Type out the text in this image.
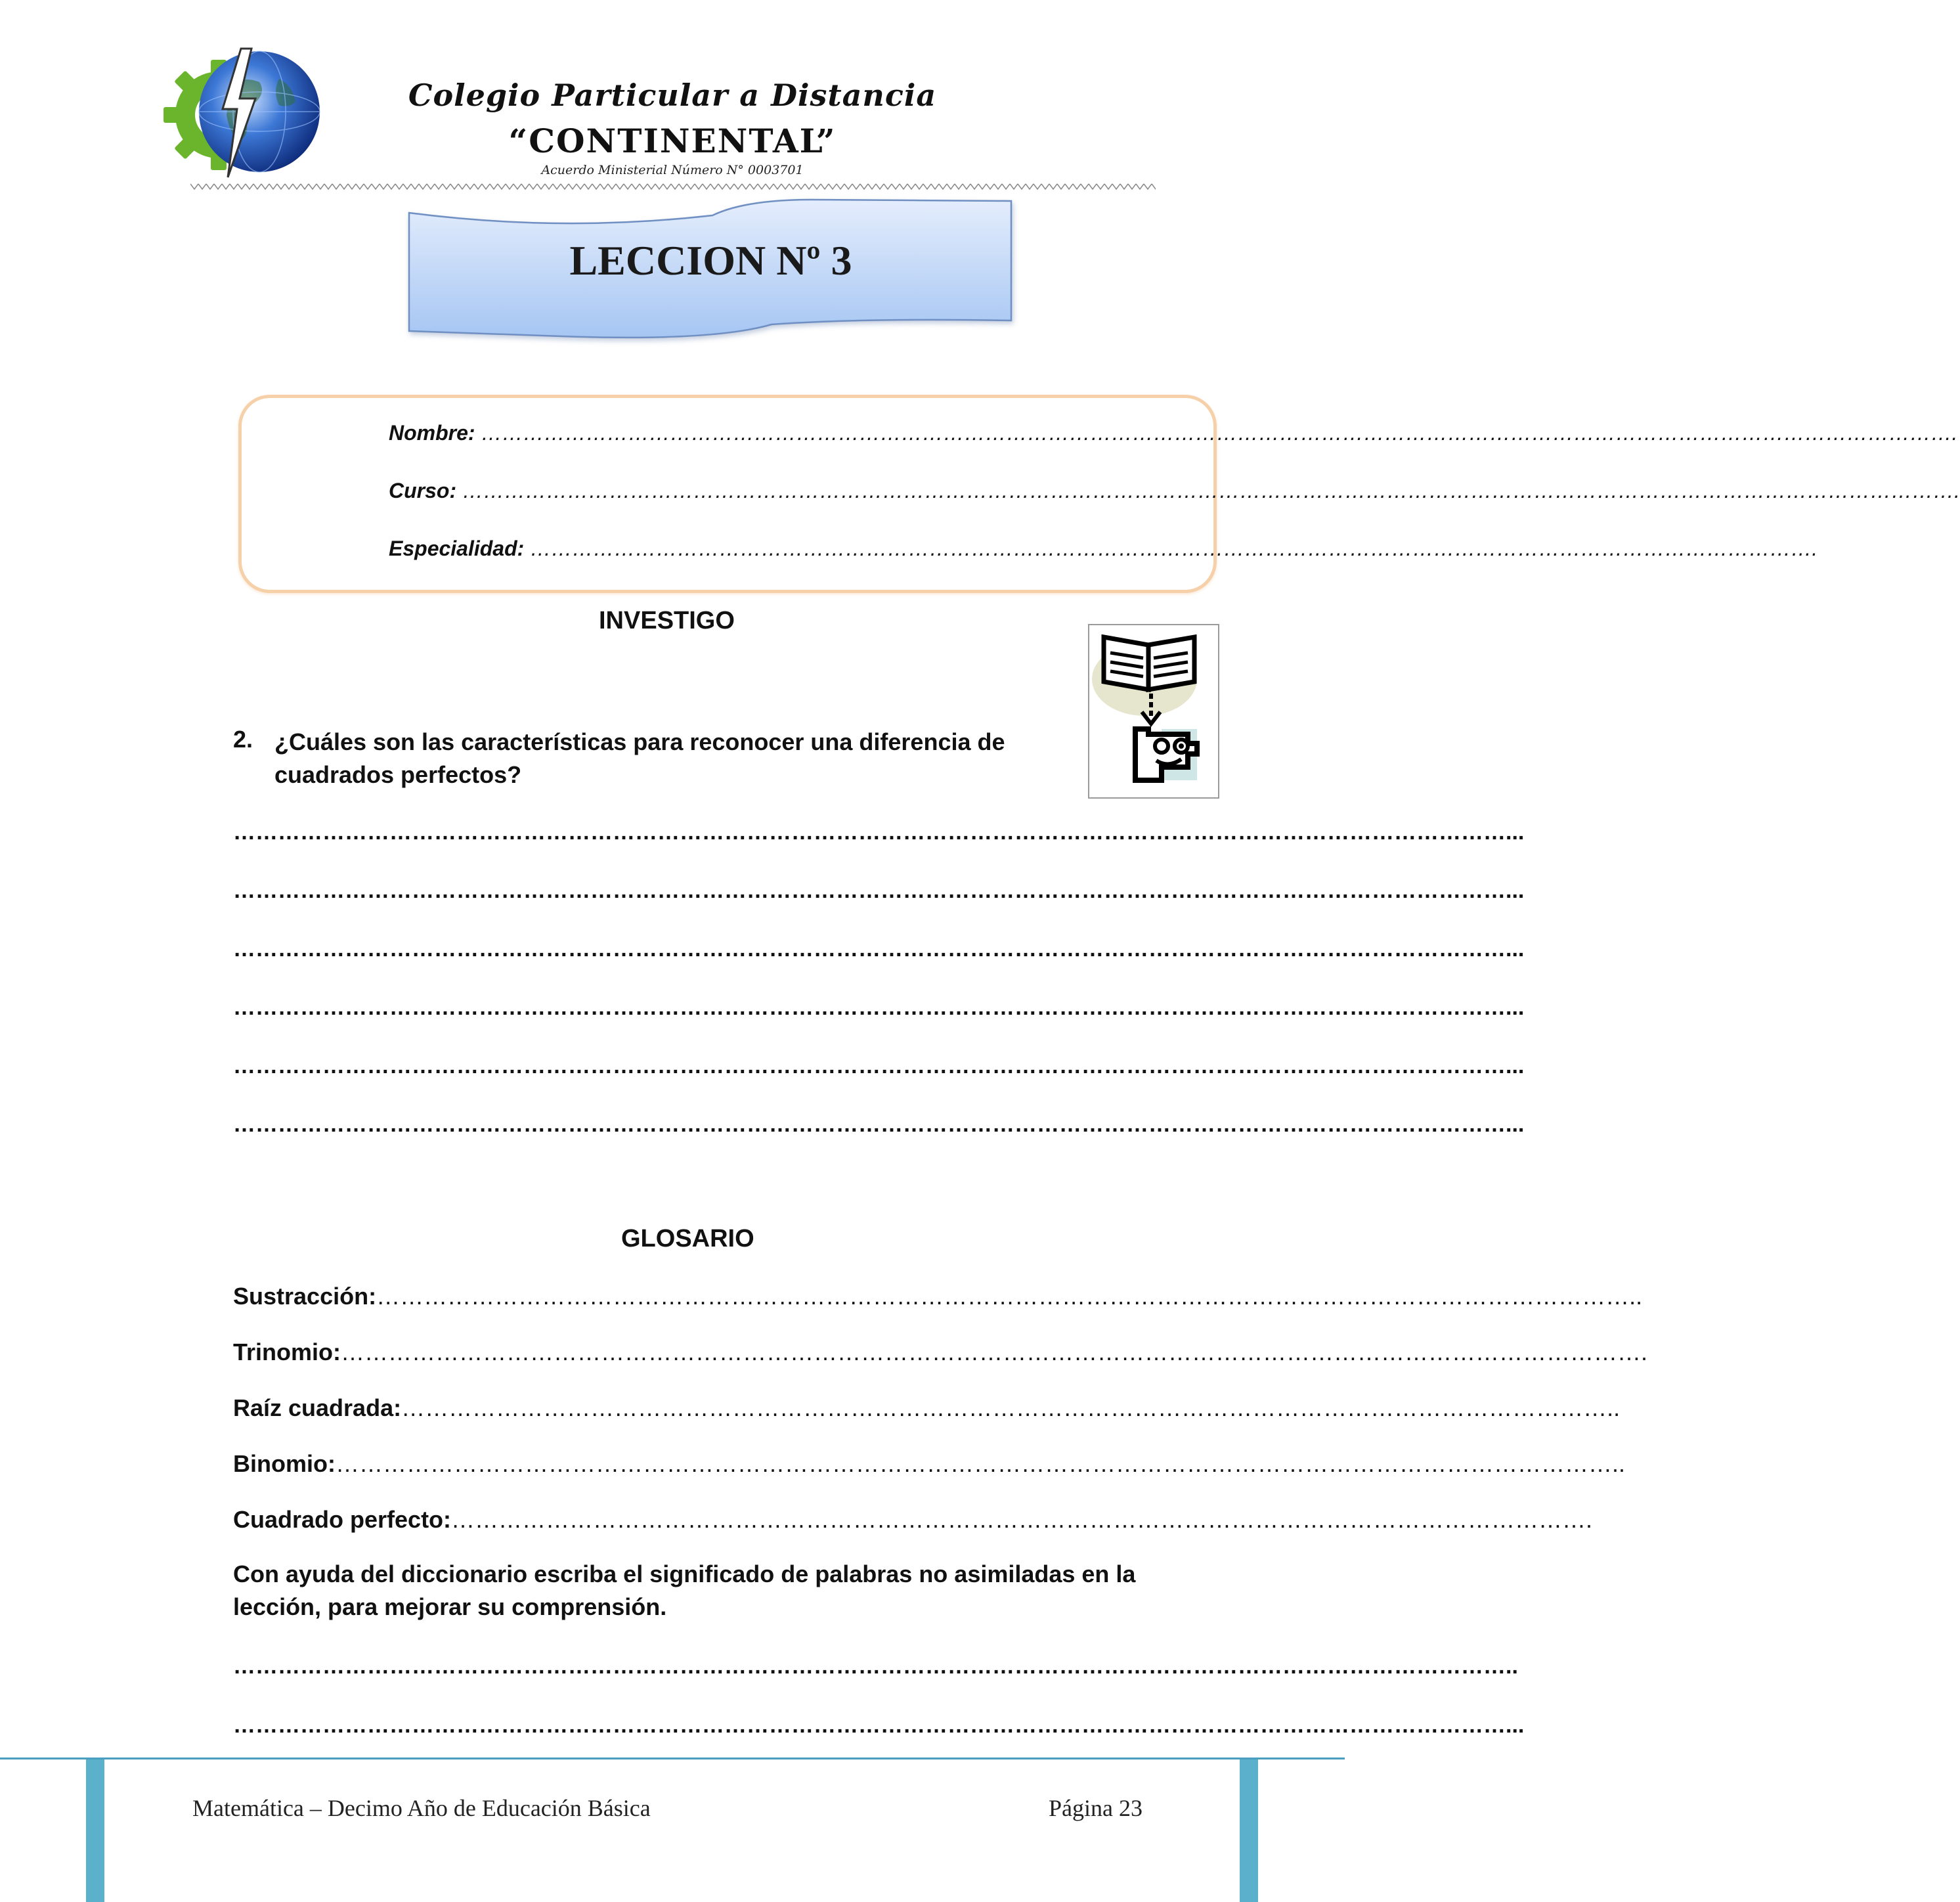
Colegio Particular a Distancia
“CONTINENTAL”
Acuerdo Ministerial Número N° 0003701
LECCION Nº 3
Nombre: ………………………………………………………………………………………………………………………………………………………………………………………….
Curso: …………………………………………………………………………………………………………………………………………………………………………………………….
Especialidad: ………………………………………………………………………………………………………………………………………………………………….
INVESTIGO
2. ¿Cuáles son las características para reconocer una diferencia de cuadrados perfectos?
………………………………………………………………………………………………………………………………………………………...
………………………………………………………………………………………………………………………………………………………...
………………………………………………………………………………………………………………………………………………………...
………………………………………………………………………………………………………………………………………………………...
………………………………………………………………………………………………………………………………………………………...
………………………………………………………………………………………………………………………………………………………...
GLOSARIO
Sustracción:……………………………………………………………………………………………………………………………………………..
Trinomio:………………………………………………………………………………………………………………………………………………….
Raíz cuadrada:………………………………………………………………………………………………………………………………………..
Binomio:………………………………………………………………………………………………………………………………………………..
Cuadrado perfecto:……………………………………………………………………………………………………………………………….
Con ayuda del diccionario escriba el significado de palabras no asimiladas en la lección, para mejorar su comprensión.
………………………………………………………………………………………………………………………………………………………..
………………………………………………………………………………………………………………………………………………………...
Matemática – Decimo Año de Educación Básica	Página 23
